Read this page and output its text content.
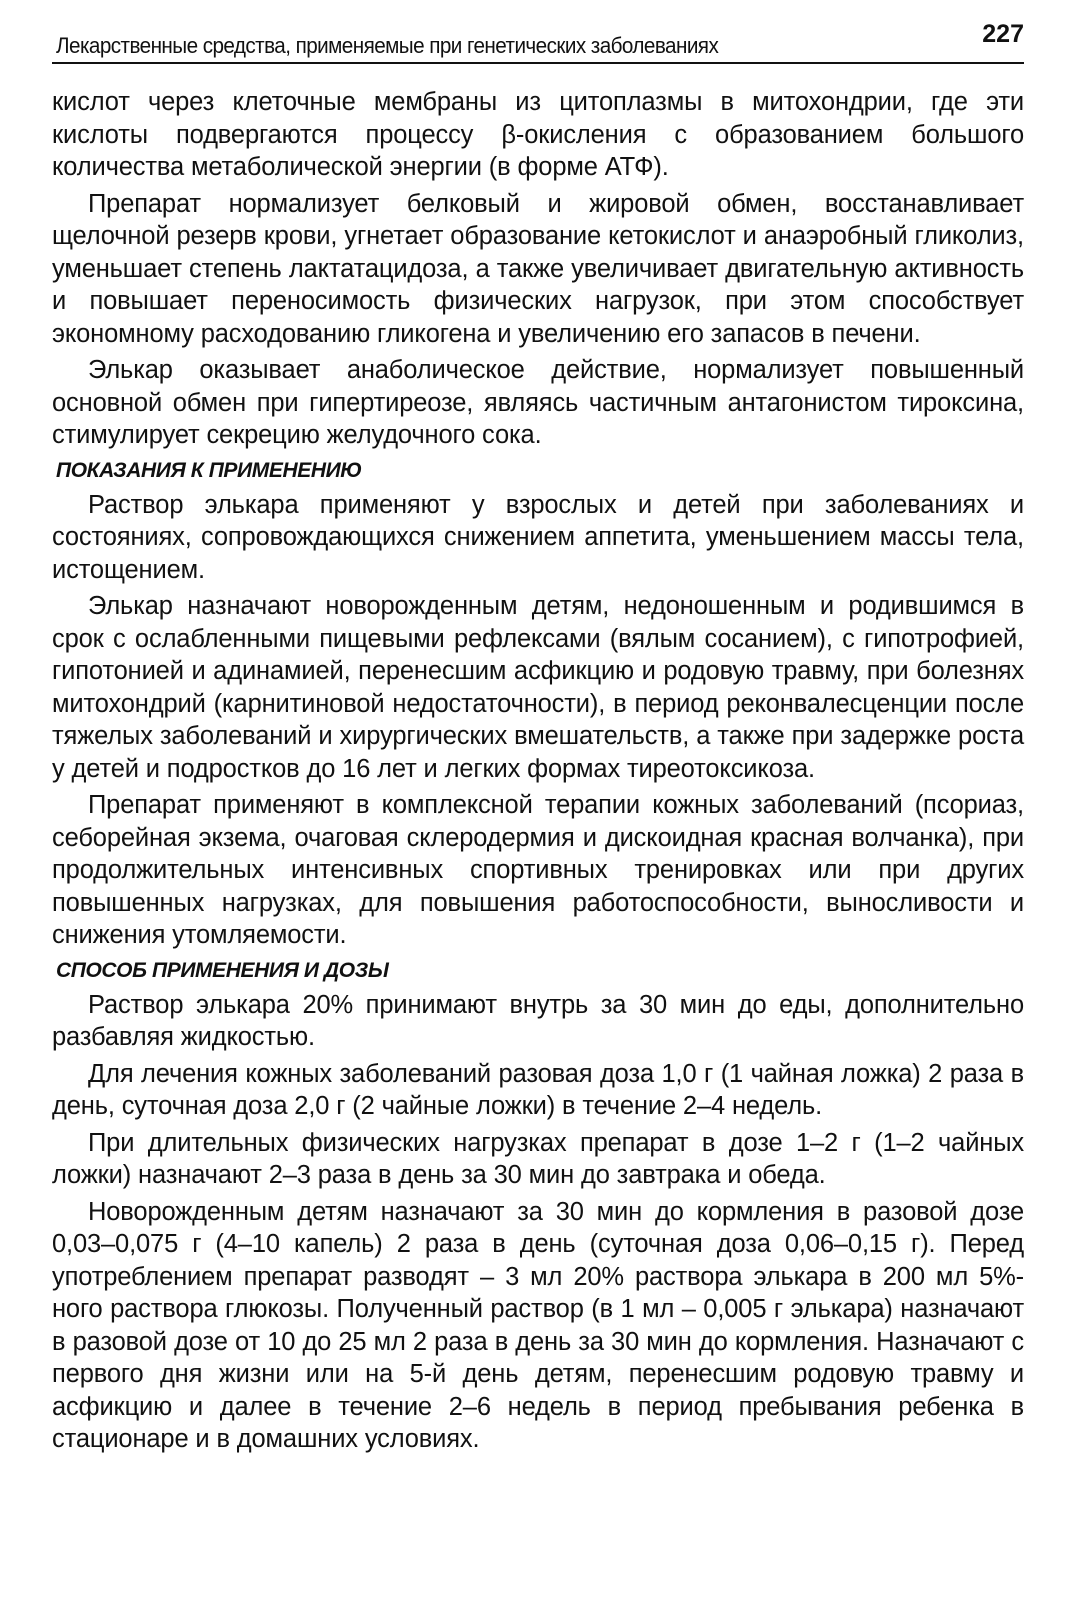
Лекарственные средства, применяемые при генетических заболеваниях	227

кислот через клеточные мембраны из цитоплазмы в митохондрии, где эти кислоты подвергаются процессу β-окисления с образованием большого количества метаболической энергии (в форме АТФ).

Препарат нормализует белковый и жировой обмен, восстанавливает щелочной резерв крови, угнетает образование кетокислот и анаэробный гликолиз, уменьшает степень лактатацидоза, а также увеличивает двигательную активность и повышает переносимость физических нагрузок, при этом способствует экономному расходованию гликогена и увеличению его запасов в печени.

Элькар оказывает анаболическое действие, нормализует повышенный основной обмен при гипертиреозе, являясь частичным антагонистом тироксина, стимулирует секрецию желудочного сока.

ПОКАЗАНИЯ К ПРИМЕНЕНИЮ

Раствор элькара применяют у взрослых и детей при заболеваниях и состояниях, сопровождающихся снижением аппетита, уменьшением массы тела, истощением.

Элькар назначают новорожденным детям, недоношенным и родившимся в срок с ослабленными пищевыми рефлексами (вялым сосанием), с гипотрофией, гипотонией и адинамией, перенесшим асфикцию и родовую травму, при болезнях митохондрий (карнитиновой недостаточности), в период реконвалесценции после тяжелых заболеваний и хирургических вмешательств, а также при задержке роста у детей и подростков до 16 лет и легких формах тиреотоксикоза.

Препарат применяют в комплексной терапии кожных заболеваний (псориаз, себорейная экзема, очаговая склеродермия и дискоидная красная волчанка), при продолжительных интенсивных спортивных тренировках или при других повышенных нагрузках, для повышения работоспособности, выносливости и снижения утомляемости.

СПОСОБ ПРИМЕНЕНИЯ И ДОЗЫ

Раствор элькара 20% принимают внутрь за 30 мин до еды, дополнительно разбавляя жидкостью.

Для лечения кожных заболеваний разовая доза 1,0 г (1 чайная ложка) 2 раза в день, суточная доза 2,0 г (2 чайные ложки) в течение 2–4 недель.

При длительных физических нагрузках препарат в дозе 1–2 г (1–2 чайных ложки) назначают 2–3 раза в день за 30 мин до завтрака и обеда.

Новорожденным детям назначают за 30 мин до кормления в разовой дозе 0,03–0,075 г (4–10 капель) 2 раза в день (суточная доза 0,06–0,15 г). Перед употреблением препарат разводят – 3 мл 20% раствора элькара в 200 мл 5%-ного раствора глюкозы. Полученный раствор (в 1 мл – 0,005 г элькара) назначают в разовой дозе от 10 до 25 мл 2 раза в день за 30 мин до кормления. Назначают с первого дня жизни или на 5-й день детям, перенесшим родовую травму и асфикцию и далее в течение 2–6 недель в период пребывания ребенка в стационаре и в домашних условиях.
